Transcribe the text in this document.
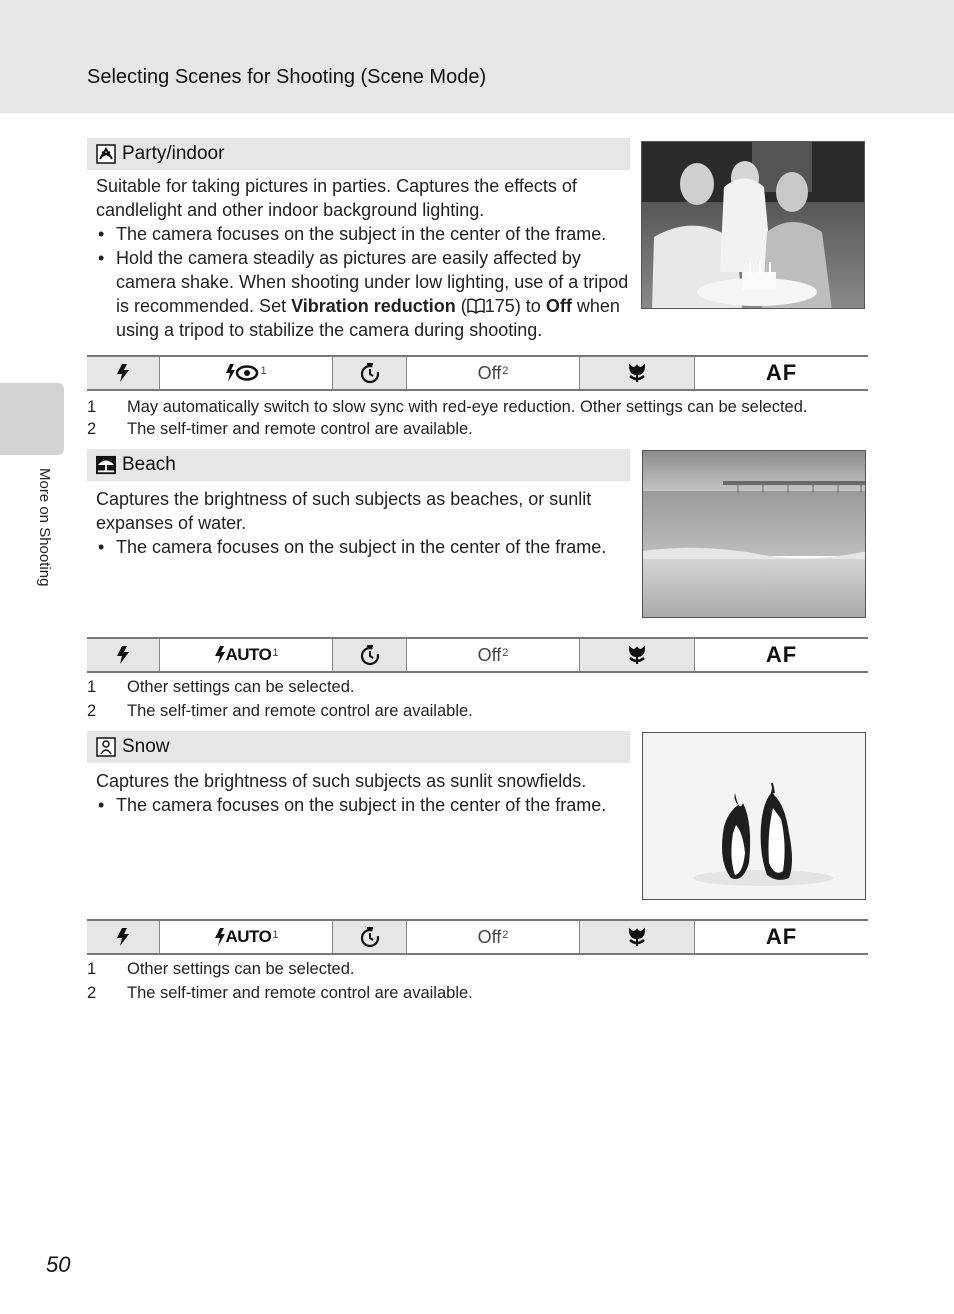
Selecting Scenes for Shooting (Scene Mode)
More on Shooting
Party/indoor

Suitable for taking pictures in parties. Captures the effects of candlelight and other indoor background lighting.

• The camera focuses on the subject in the center of the frame.
• Hold the camera steadily as pictures are easily affected by camera shake. When shooting under low lighting, use of a tripod is recommended. Set Vibration reduction ( 175) to Off when using a tripod to stabilize the camera during shooting.
$^1$	Off$^2$	AF
1	May automatically switch to slow sync with red-eye reduction. Other settings can be selected.
2	The self-timer and remote control are available.
Beach

Captures the brightness of such subjects as beaches, or sunlit expanses of water.

• The camera focuses on the subject in the center of the frame.
AUTO$^1$	Off$^2$	AF
1	Other settings can be selected.
2	The self-timer and remote control are available.
Snow

Captures the brightness of such subjects as sunlit snowfields.

• The camera focuses on the subject in the center of the frame.
AUTO$^1$	Off$^2$	AF
1	Other settings can be selected.
2	The self-timer and remote control are available.
50
